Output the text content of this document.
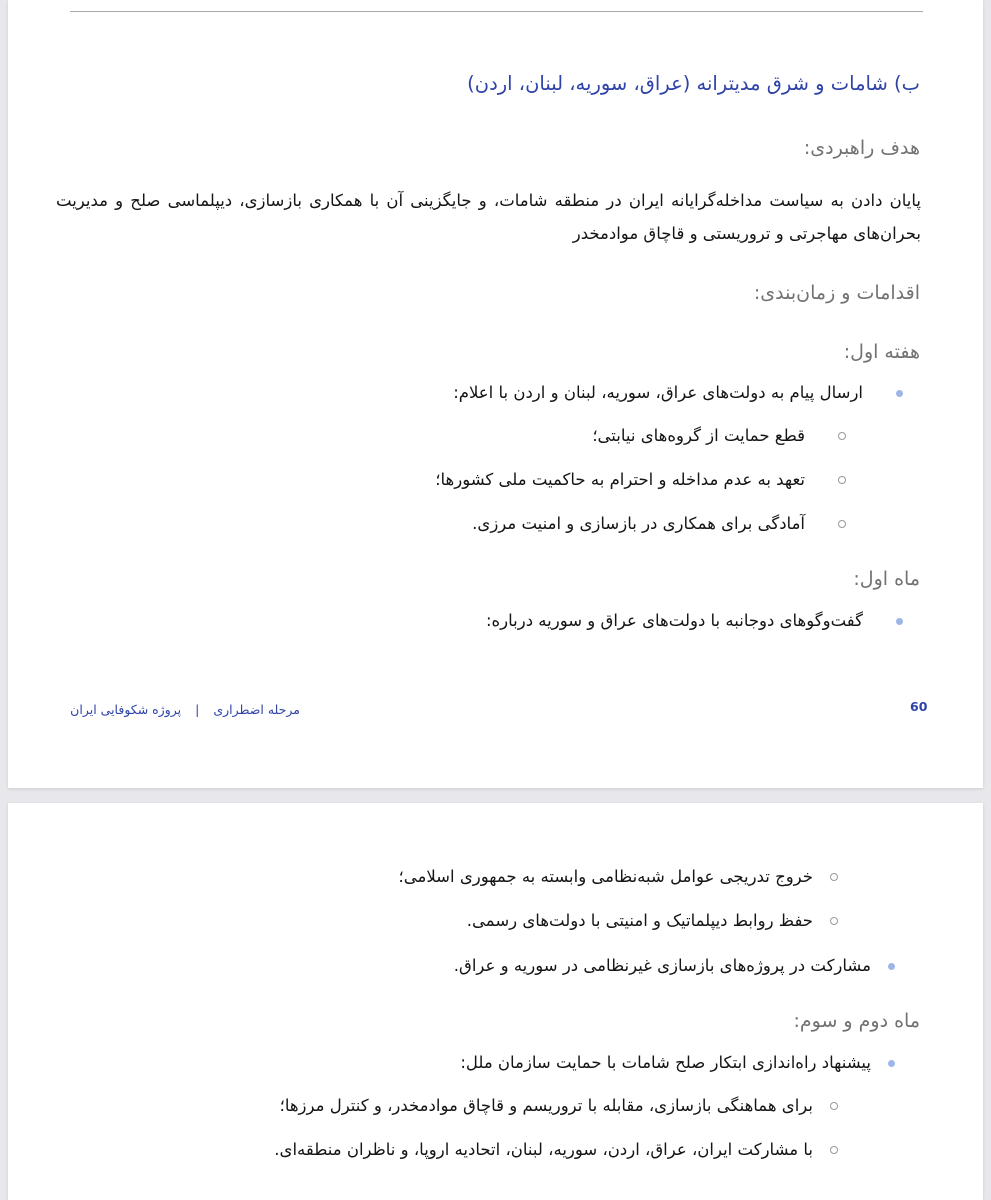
ب) شامات و شرق مدیترانه (عراق، سوریه، لبنان، اردن)
هدف راهبردی:
پایان دادن به سیاست مداخله‌گرایانه ایران در منطقه شامات، و جایگزینی آن با همکاری بازسازی، دیپلماسی صلح و مدیریت بحران‌های مهاجرتی و تروریستی و قاچاق موادمخدر
اقدامات و زمان‌بندی:
هفته اول:
ارسال پیام به دولت‌های عراق، سوریه، لبنان و اردن با اعلام:
قطع حمایت از گروه‌های نیابتی؛
تعهد به عدم مداخله و احترام به حاکمیت ملی کشورها؛
آمادگی برای همکاری در بازسازی و امنیت مرزی.
ماه اول:
گفت‌وگوهای دوجانبه با دولت‌های عراق و سوریه درباره:
مرحله اضطراری | پروژه شکوفایی ایران	60
خروج تدریجی عوامل شبه‌نظامی وابسته به جمهوری اسلامی؛
حفظ روابط دیپلماتیک و امنیتی با دولت‌های رسمی.
مشارکت در پروژه‌های بازسازی غیرنظامی در سوریه و عراق.
ماه دوم و سوم:
پیشنهاد راه‌اندازی ابتکار صلح شامات با حمایت سازمان ملل:
برای هماهنگی بازسازی، مقابله با تروریسم و قاچاق موادمخدر، و کنترل مرزها؛
با مشارکت ایران، عراق، اردن، سوریه، لبنان، اتحادیه اروپا، و ناظران منطقه‌ای.
